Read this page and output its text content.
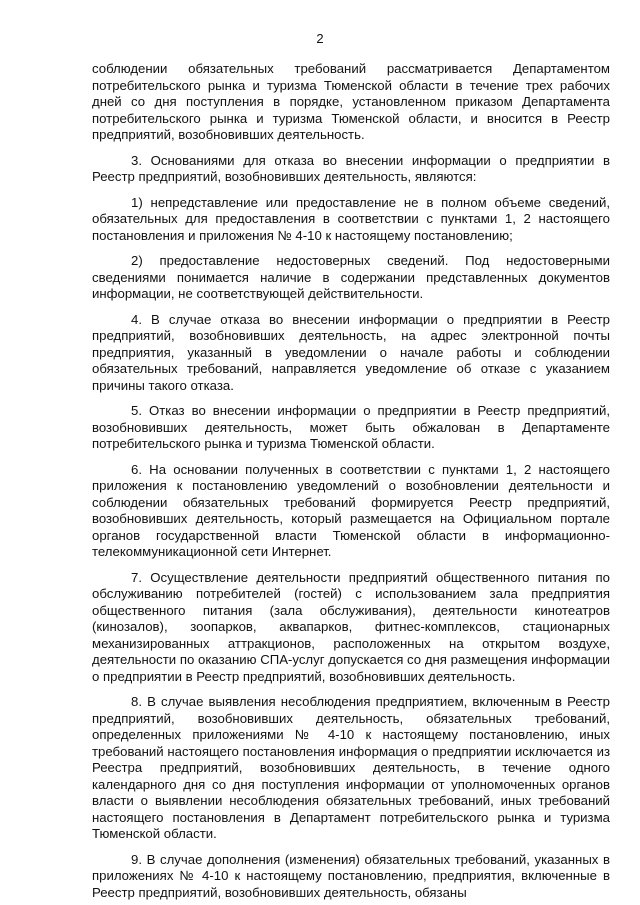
2

соблюдении обязательных требований рассматривается Департаментом потребительского рынка и туризма Тюменской области в течение трех рабочих дней со дня поступления в порядке, установленном приказом Департамента потребительского рынка и туризма Тюменской области, и вносится в Реестр предприятий, возобновивших деятельность.

3. Основаниями для отказа во внесении информации о предприятии в Реестр предприятий, возобновивших деятельность, являются:

1) непредставление или предоставление не в полном объеме сведений, обязательных для предоставления в соответствии с пунктами 1, 2 настоящего постановления и приложения № 4-10 к настоящему постановлению;

2) предоставление недостоверных сведений. Под недостоверными сведениями понимается наличие в содержании представленных документов информации, не соответствующей действительности.

4. В случае отказа во внесении информации о предприятии в Реестр предприятий, возобновивших деятельность, на адрес электронной почты предприятия, указанный в уведомлении о начале работы и соблюдении обязательных требований, направляется уведомление об отказе с указанием причины такого отказа.

5. Отказ во внесении информации о предприятии в Реестр предприятий, возобновивших деятельность, может быть обжалован в Департаменте потребительского рынка и туризма Тюменской области.

6. На основании полученных в соответствии с пунктами 1, 2 настоящего приложения к постановлению уведомлений о возобновлении деятельности и соблюдении обязательных требований формируется Реестр предприятий, возобновивших деятельность, который размещается на Официальном портале органов государственной власти Тюменской области в информационно-телекоммуникационной сети Интернет.

7. Осуществление деятельности предприятий общественного питания по обслуживанию потребителей (гостей) с использованием зала предприятия общественного питания (зала обслуживания), деятельности кинотеатров (кинозалов), зоопарков, аквапарков, фитнес-комплексов, стационарных механизированных аттракционов, расположенных на открытом воздухе, деятельности по оказанию СПА-услуг допускается со дня размещения информации о предприятии в Реестр предприятий, возобновивших деятельность.

8. В случае выявления несоблюдения предприятием, включенным в Реестр предприятий, возобновивших деятельность, обязательных требований, определенных приложениями № 4-10 к настоящему постановлению, иных требований настоящего постановления информация о предприятии исключается из Реестра предприятий, возобновивших деятельность, в течение одного календарного дня со дня поступления информации от уполномоченных органов власти о выявлении несоблюдения обязательных требований, иных требований настоящего постановления в Департамент потребительского рынка и туризма Тюменской области.

9. В случае дополнения (изменения) обязательных требований, указанных в приложениях № 4-10 к настоящему постановлению, предприятия, включенные в Реестр предприятий, возобновивших деятельность, обязаны
